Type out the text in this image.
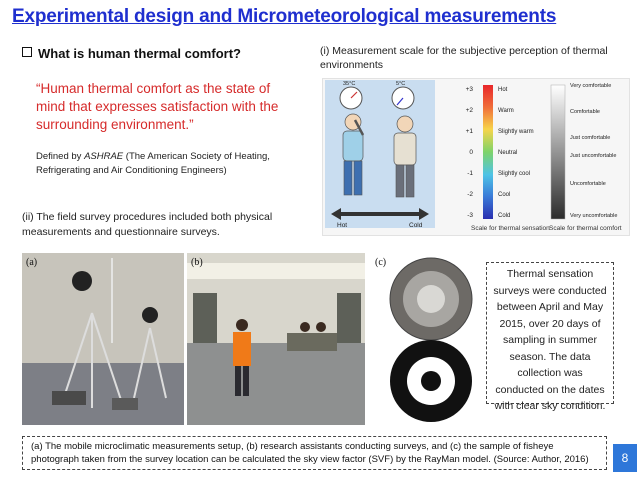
Experimental design and Micrometeorological measurements
What is human thermal comfort?
“Human thermal comfort as the state of
mind that expresses satisfaction with the
surrounding environment.”
Defined by ASHRAE (The American Society of Heating, Refrigerating and Air Conditioning Engineers)
(ii) The field survey procedures included both physical measurements and questionnaire surveys.
(i) Measurement scale for the subjective perception of thermal environments
+3
+2
+1
0
-1
-2
-3
Hot
Warm
Slightly warm
Neutral
Slightly cool
Cool
Cold
Very comfortable
Comfortable
Just comfortable
Just uncomfortable
Uncomfortable
Very uncomfortable
Scale for thermal sensation Scale for thermal comfort
35°C	5°C
Hot	Cold
(a)	(b)	(c)
Thermal sensation
surveys were conducted
between April and May
2015, over 20 days of
sampling in summer
season. The data
collection was
conducted on the dates
with clear sky condition.
(a) The mobile microclimatic measurements setup, (b) research assistants conducting surveys, and (c) the sample of fisheye
photograph taken from the survey location can be calculated the sky view factor (SVF) by the RayMan model. (Source: Author, 2016)	8
